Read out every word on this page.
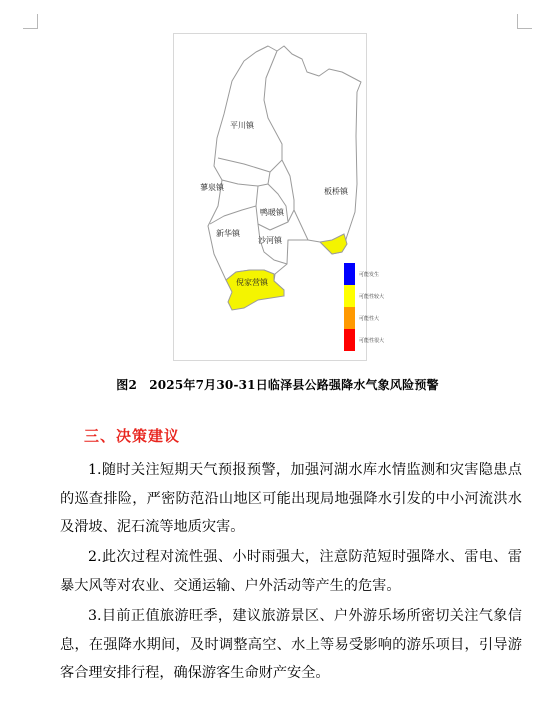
平川镇
蓼泉镇	板桥镇
鸭暖镇
新华镇
沙河镇
倪家营镇
可能发生
可能性较大
可能性大
可能性很大
图2　2025年7月30-31日临泽县公路强降水气象风险预警
三、决策建议

1.随时关注短期天气预报预警，加强河湖水库水情监测和灾害隐患点的巡查排险，严密防范沿山地区可能出现局地强降水引发的中小河流洪水及滑坡、泥石流等地质灾害。

2.此次过程对流性强、小时雨强大，注意防范短时强降水、雷电、雷暴大风等对农业、交通运输、户外活动等产生的危害。

3.目前正值旅游旺季，建议旅游景区、户外游乐场所密切关注气象信息，在强降水期间，及时调整高空、水上等易受影响的游乐项目，引导游客合理安排行程，确保游客生命财产安全。
